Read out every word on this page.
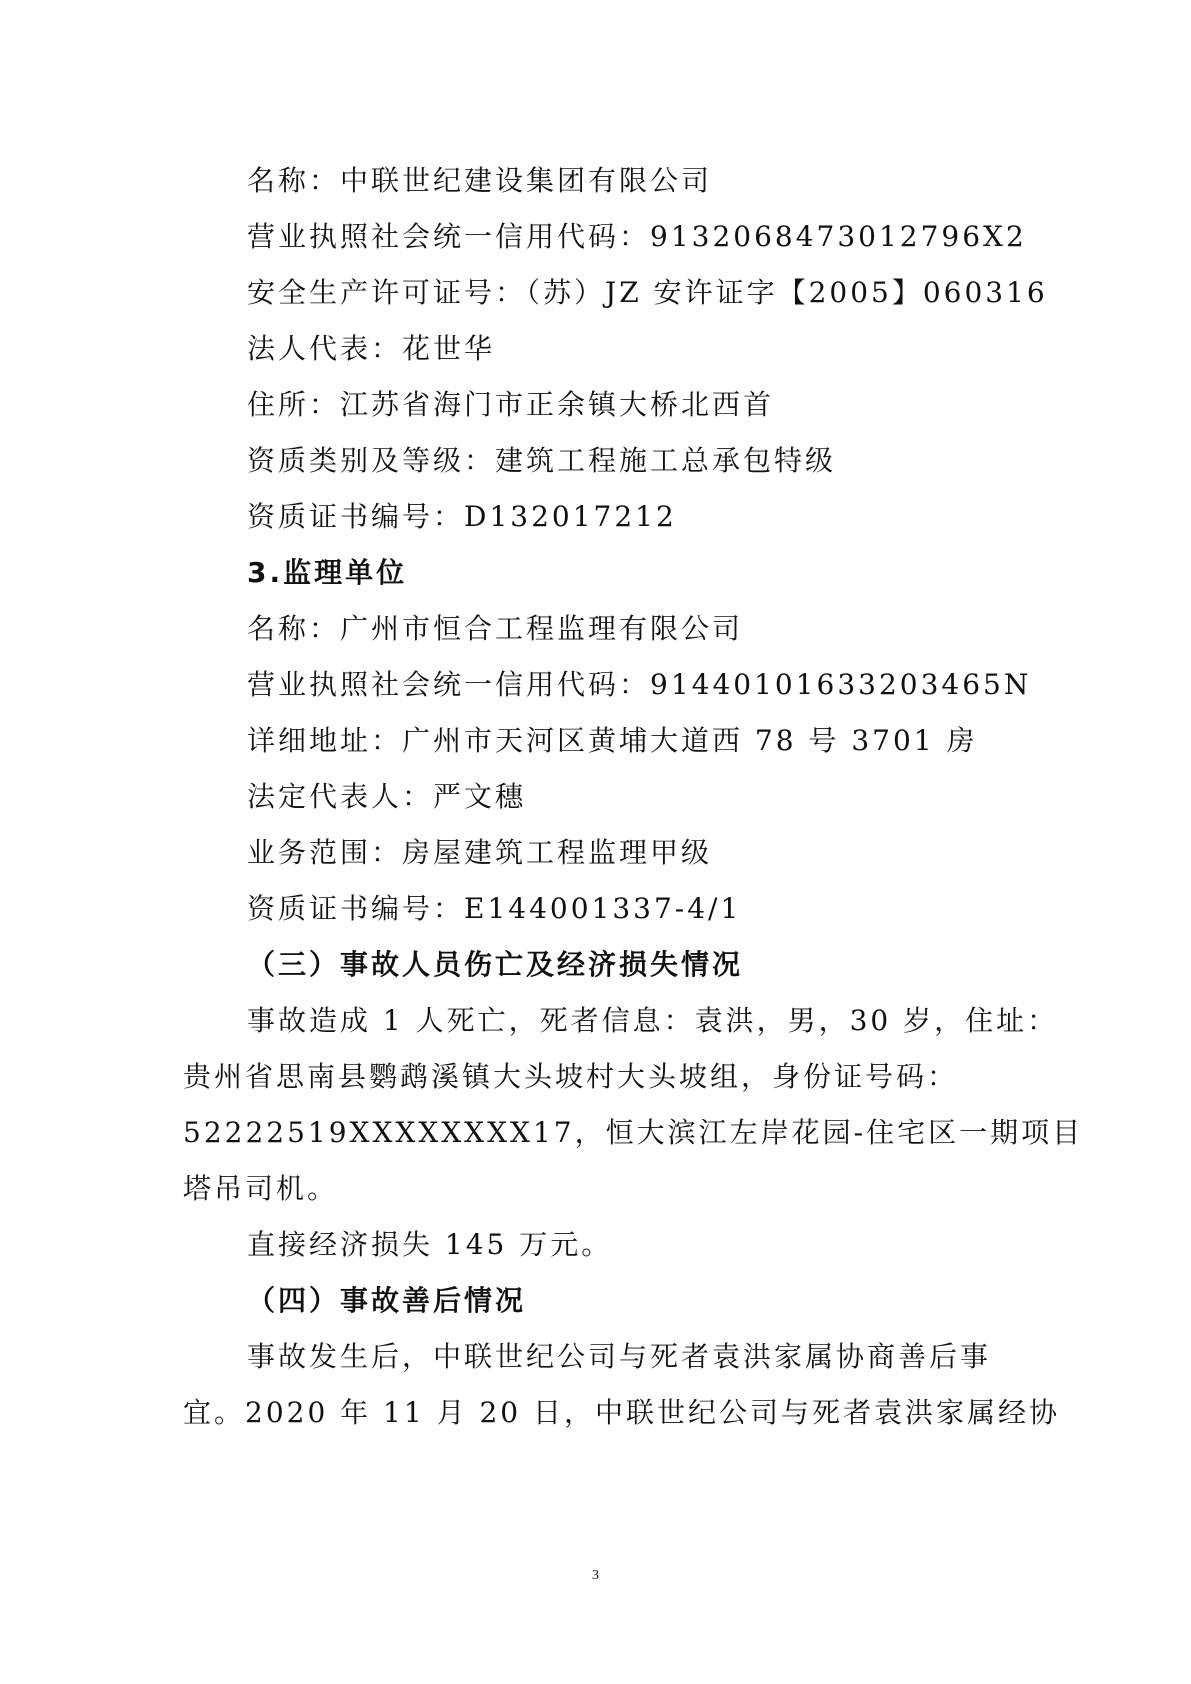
名称：中联世纪建设集团有限公司
营业执照社会统一信用代码：9132068473012796X2
安全生产许可证号：（苏）JZ 安许证字【2005】060316
法人代表：花世华
住所：江苏省海门市正余镇大桥北西首
资质类别及等级：建筑工程施工总承包特级
资质证书编号：D132017212
3.监理单位
名称：广州市恒合工程监理有限公司
营业执照社会统一信用代码：91440101633203465N
详细地址：广州市天河区黄埔大道西 78 号 3701 房
法定代表人：严文穗
业务范围：房屋建筑工程监理甲级
资质证书编号：E144001337-4/1
（三）事故人员伤亡及经济损失情况
事故造成 1 人死亡，死者信息：袁洪，男，30 岁，住址：
贵州省思南县鹦鹉溪镇大头坡村大头坡组，身份证号码：
52222519XXXXXXXX17，恒大滨江左岸花园-住宅区一期项目
塔吊司机。
直接经济损失 145 万元。
（四）事故善后情况
事故发生后，中联世纪公司与死者袁洪家属协商善后事
宜。2020 年 11 月 20 日，中联世纪公司与死者袁洪家属经协
3
